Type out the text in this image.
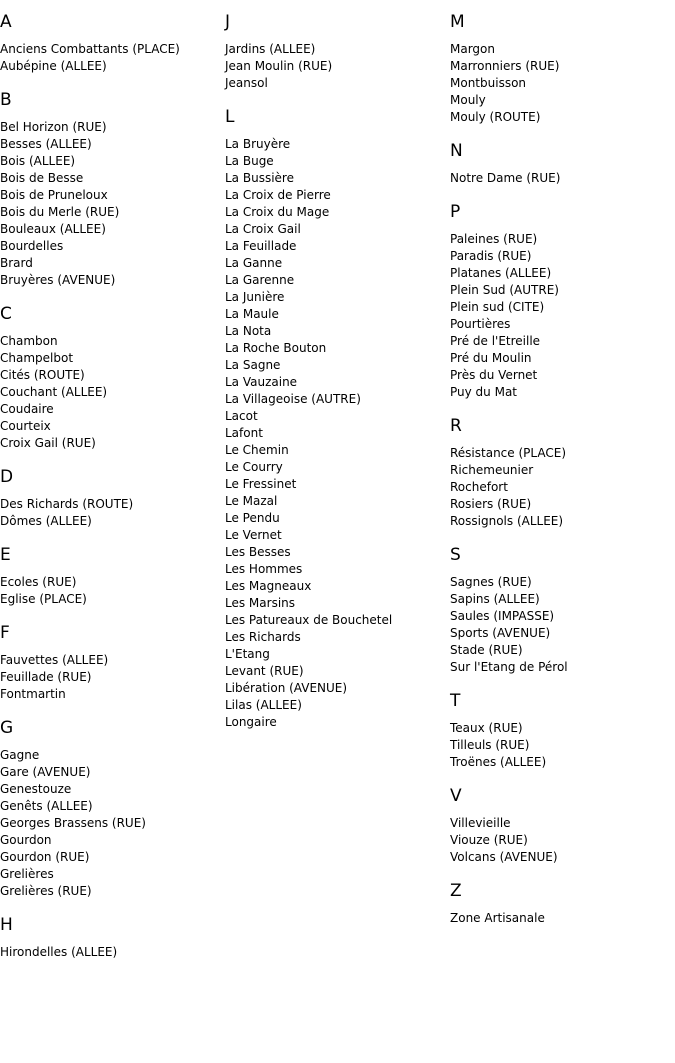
A
Anciens Combattants (PLACE)
Aubépine (ALLEE)
B
Bel Horizon (RUE)
Besses (ALLEE)
Bois (ALLEE)
Bois de Besse
Bois de Pruneloux
Bois du Merle (RUE)
Bouleaux (ALLEE)
Bourdelles
Brard
Bruyères (AVENUE)
C
Chambon
Champelbot
Cités (ROUTE)
Couchant (ALLEE)
Coudaire
Courteix
Croix Gail (RUE)
D
Des Richards (ROUTE)
Dômes (ALLEE)
E
Ecoles (RUE)
Eglise (PLACE)
F
Fauvettes (ALLEE)
Feuillade (RUE)
Fontmartin
G
Gagne
Gare (AVENUE)
Genestouze
Genêts (ALLEE)
Georges Brassens (RUE)
Gourdon
Gourdon (RUE)
Grelières
Grelières (RUE)
H
Hirondelles (ALLEE)
J
Jardins (ALLEE)
Jean Moulin (RUE)
Jeansol
L
La Bruyère
La Buge
La Bussière
La Croix de Pierre
La Croix du Mage
La Croix Gail
La Feuillade
La Ganne
La Garenne
La Junière
La Maule
La Nota
La Roche Bouton
La Sagne
La Vauzaine
La Villageoise (AUTRE)
Lacot
Lafont
Le Chemin
Le Courry
Le Fressinet
Le Mazal
Le Pendu
Le Vernet
Les Besses
Les Hommes
Les Magneaux
Les Marsins
Les Patureaux de Bouchetel
Les Richards
L'Etang
Levant (RUE)
Libération (AVENUE)
Lilas (ALLEE)
Longaire
M
Margon
Marronniers (RUE)
Montbuisson
Mouly
Mouly (ROUTE)
N
Notre Dame (RUE)
P
Paleines (RUE)
Paradis (RUE)
Platanes (ALLEE)
Plein Sud (AUTRE)
Plein sud (CITE)
Pourtières
Pré de l'Etreille
Pré du Moulin
Près du Vernet
Puy du Mat
R
Résistance (PLACE)
Richemeunier
Rochefort
Rosiers (RUE)
Rossignols (ALLEE)
S
Sagnes (RUE)
Sapins (ALLEE)
Saules (IMPASSE)
Sports (AVENUE)
Stade (RUE)
Sur l'Etang de Pérol
T
Teaux (RUE)
Tilleuls (RUE)
Troënes (ALLEE)
V
Villevieille
Viouze (RUE)
Volcans (AVENUE)
Z
Zone Artisanale
